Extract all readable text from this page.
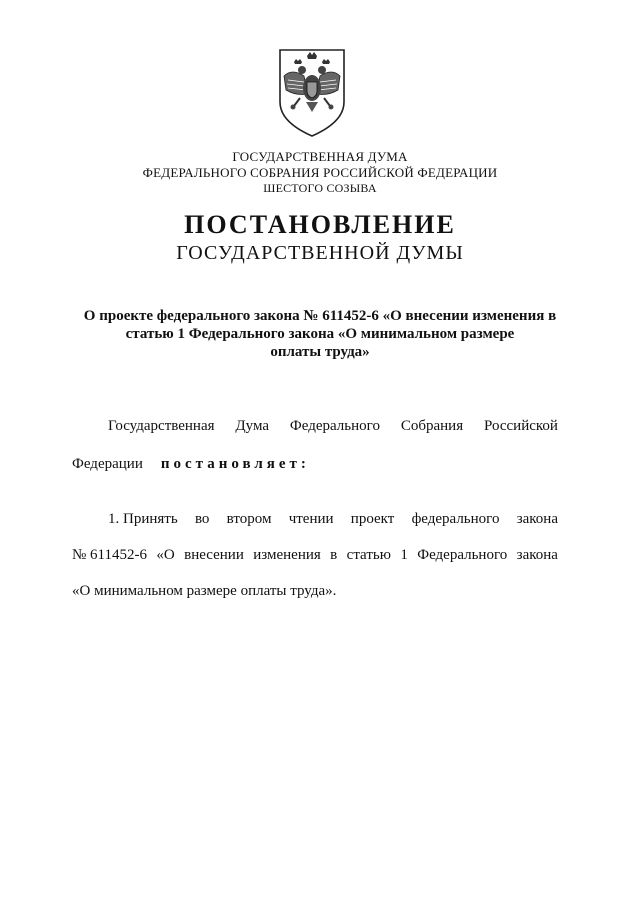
ГОСУДАРСТВЕННАЯ ДУМА
ФЕДЕРАЛЬНОГО СОБРАНИЯ РОССИЙСКОЙ ФЕДЕРАЦИИ
ШЕСТОГО СОЗЫВА
ПОСТАНОВЛЕНИЕ
ГОСУДАРСТВЕННОЙ ДУМЫ
О проекте федерального закона № 611452-6 «О внесении изменения в
статью 1 Федерального закона «О минимальном размере
оплаты труда»
Государственная Дума Федерального Собрания Российской
Федерации постановляет:
1. Принять во втором чтении проект федерального закона
№ 611452-6 «О внесении изменения в статью 1 Федерального закона
«О минимальном размере оплаты труда».
